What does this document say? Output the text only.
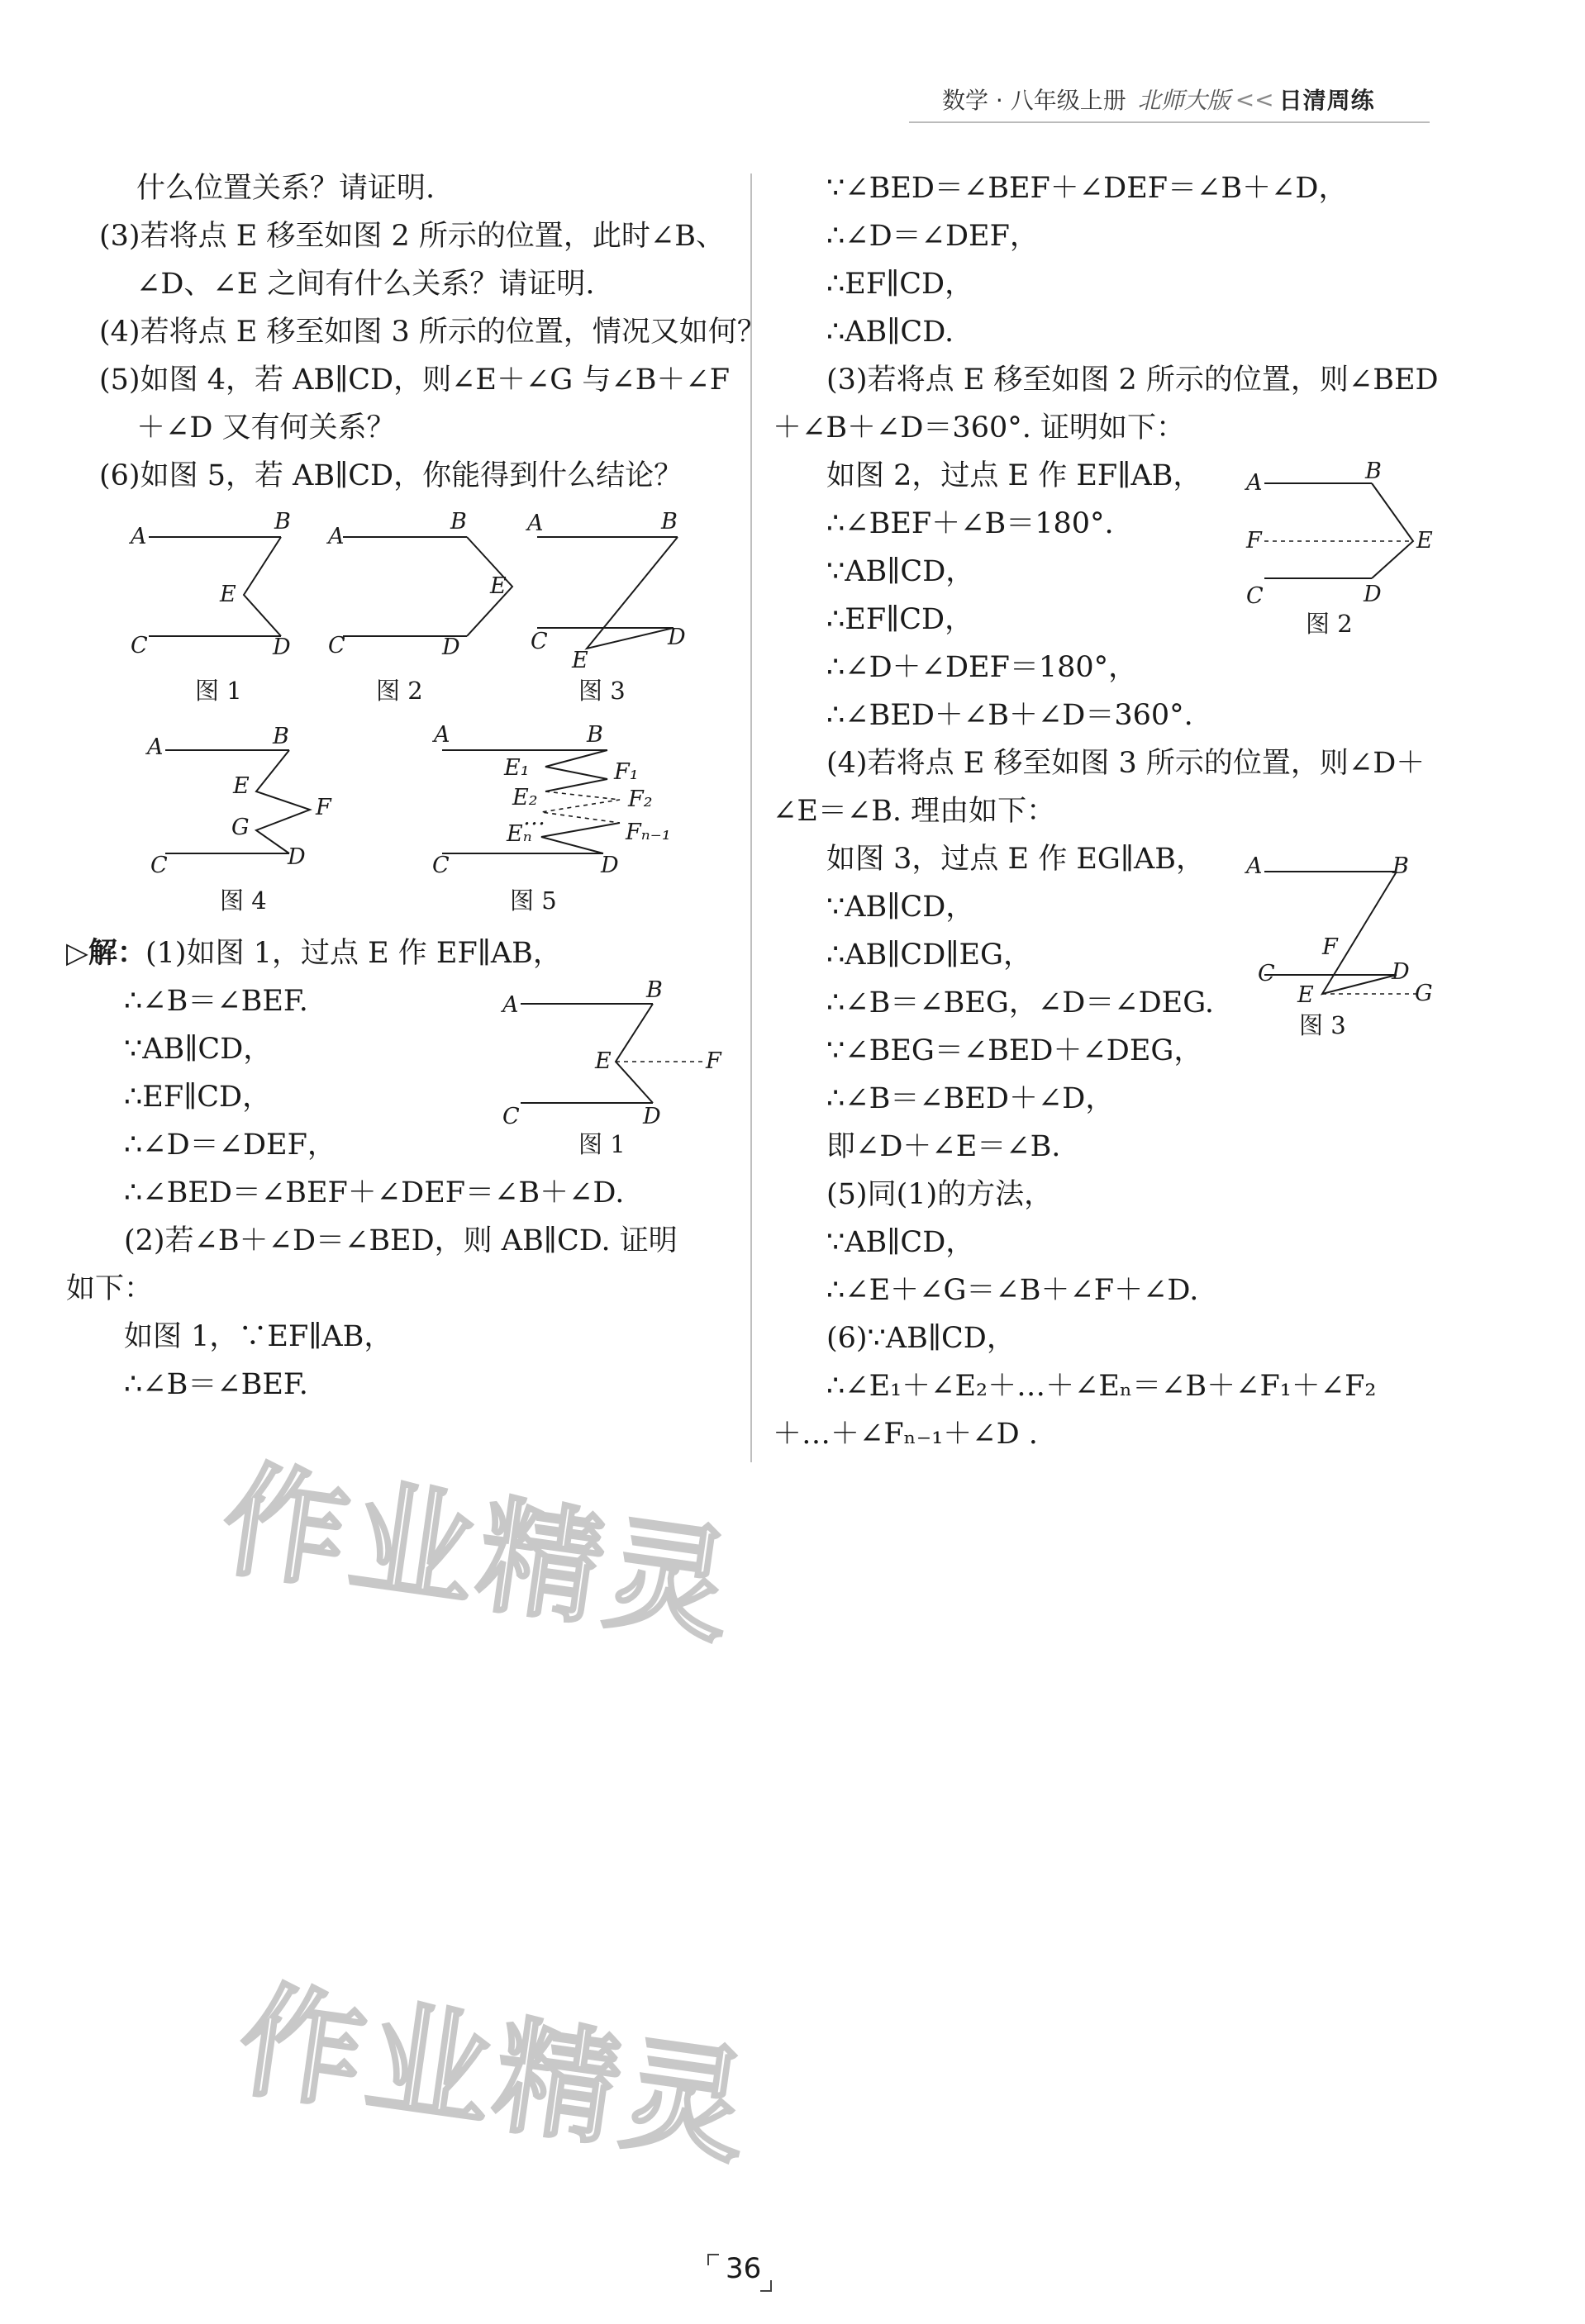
数学 · 八年级上册 北师大版 << 日清周练
什么位置关系？请证明.
(3)若将点 E 移至如图 2 所示的位置，此时∠B、
∠D、∠E 之间有什么关系？请证明.
(4)若将点 E 移至如图 3 所示的位置，情况又如何？
(5)如图 4，若 AB∥CD，则∠E＋∠G 与∠B＋∠F
＋∠D 又有何关系？
(6)如图 5，若 AB∥CD，你能得到什么结论？
▷解： (1)如图 1，过点 E 作 EF∥AB，
∴∠B＝∠BEF.
∵AB∥CD，
∴EF∥CD，
∴∠D＝∠DEF，
∴∠BED＝∠BEF＋∠DEF＝∠B＋∠D.
(2)若∠B＋∠D＝∠BED，则 AB∥CD. 证明
如下：
如图 1，∵EF∥AB，
∴∠B＝∠BEF.
∵∠BED＝∠BEF＋∠DEF＝∠B＋∠D，
∴∠D＝∠DEF，
∴EF∥CD，
∴AB∥CD.
(3)若将点 E 移至如图 2 所示的位置，则∠BED
＋∠B＋∠D＝360°. 证明如下：
如图 2，过点 E 作 EF∥AB，
∴∠BEF＋∠B＝180°.
∵AB∥CD，
∴EF∥CD，
∴∠D＋∠DEF＝180°，
∴∠BED＋∠B＋∠D＝360°.
(4)若将点 E 移至如图 3 所示的位置，则∠D＋
∠E＝∠B. 理由如下：
如图 3，过点 E 作 EG∥AB，
∵AB∥CD，
∴AB∥CD∥EG，
∴∠B＝∠BEG，∠D＝∠DEG.
∵∠BEG＝∠BED＋∠DEG，
∴∠B＝∠BED＋∠D，
即∠D＋∠E＝∠B.
(5)同(1)的方法，
∵AB∥CD，
∴∠E＋∠G＝∠B＋∠F＋∠D.
(6)∵AB∥CD，
∴∠E₁＋∠E₂＋…＋∠Eₙ＝∠B＋∠F₁＋∠F₂
＋…＋∠Fₙ₋₁＋∠D .
A
B
E
C	D
图 1
A
B
E
C	D
图 2
A	B
C
E
D
图 3
A	B
E
G
F
C	D
图 4
A	B
E₁	F₁
E₂	F₂
…
Eₙ	Fₙ₋₁
C	D
图 5
A
B
E	F
C	D
图 1
A	B
F	E
C	D
图 2
A	B
F
C	D
E	G
图 3
作业精灵
作业精灵
36
